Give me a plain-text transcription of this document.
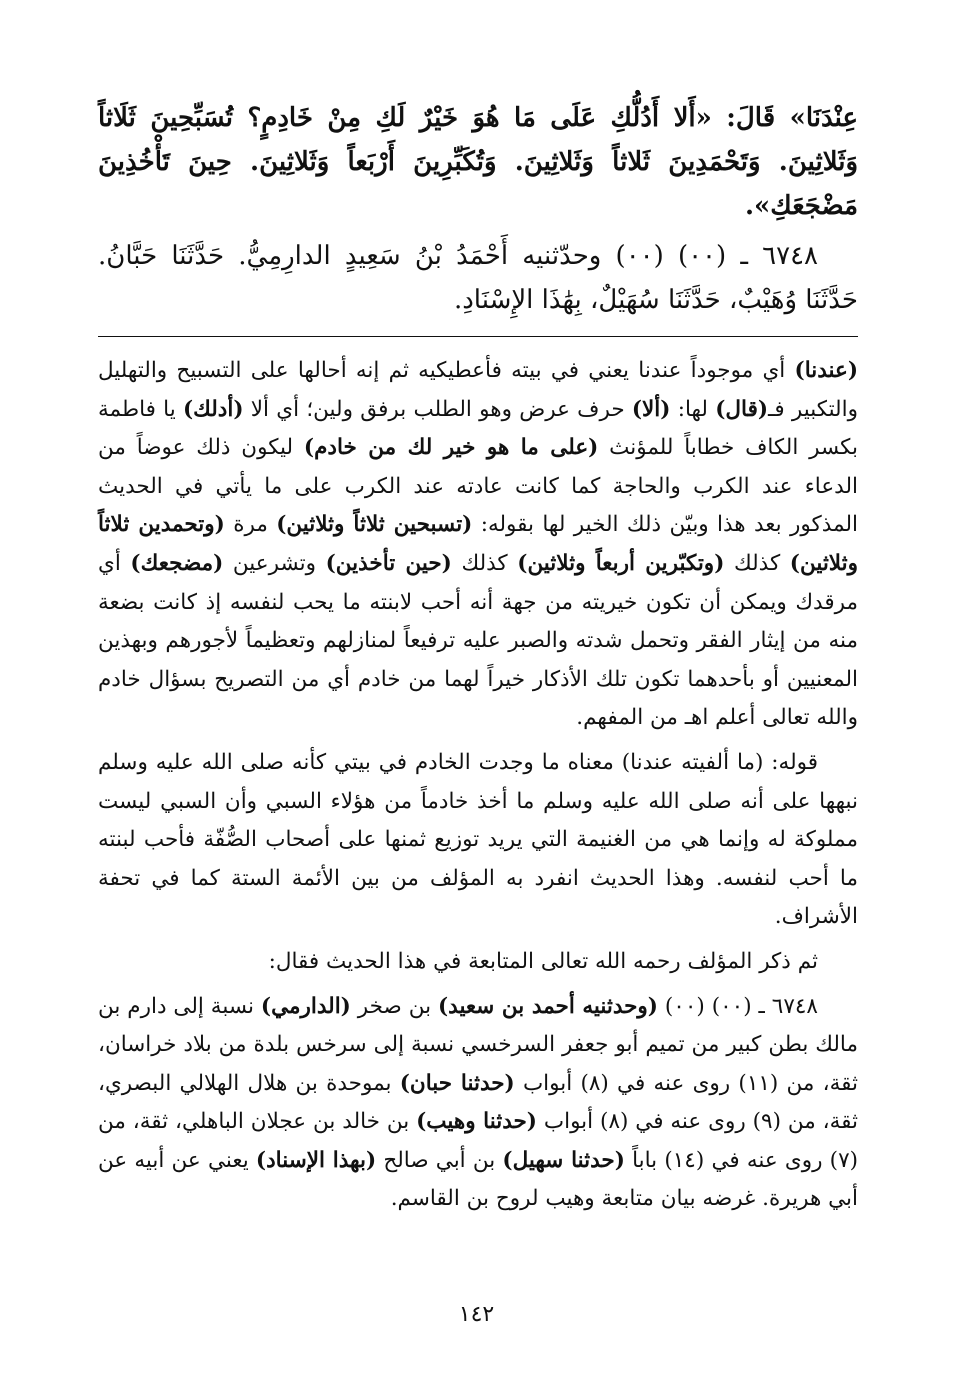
عِنْدَنَا» قَالَ: «أَلا أَدُلُّكِ عَلَى مَا هُوَ خَيْرٌ لَكِ مِنْ خَادِمٍ؟ تُسَبِّحِينَ ثَلَاثاً وَثَلاثِينَ. وَتَحْمَدِينَ ثَلاثاً وَثَلاثِينَ. وَتُكَبِّرِينَ أَرْبَعاً وَثَلاثِينَ. حِينَ تَأْخُذِينَ مَضْجَعَكِ».

٦٧٤٨ ـ (٠٠) (٠٠) وحدّثنيه أَحْمَدُ بْنُ سَعِيدٍ الدارِمِيُّ. حَدَّثَنَا حَبَّانُ. حَدَّثَنَا وُهَيْبٌ، حَدَّثَنَا سُهَيْلٌ، بِهَٰذَا الإِسْنَادِ.

(عندنا) أي موجوداً عندنا يعني في بيته فأعطيكيه ثم إنه أحالها على التسبيح والتهليل والتكبير فـ(قال) لها: (ألا) حرف عرض وهو الطلب برفق ولين؛ أي ألا (أدلك) يا فاطمة بكسر الكاف خطاباً للمؤنث (على ما هو خير لك من خادم) ليكون ذلك عوضاً من الدعاء عند الكرب والحاجة كما كانت عادته عند الكرب على ما يأتي في الحديث المذكور بعد هذا وبيّن ذلك الخير لها بقوله: (تسبحين ثلاثاً وثلاثين) مرة (وتحمدين ثلاثاً وثلاثين) كذلك (وتكبّرين أربعاً وثلاثين) كذلك (حين تأخذين) وتشرعين (مضجعك) أي مرقدك ويمكن أن تكون خيريته من جهة أنه أحب لابنته ما يحب لنفسه إذ كانت بضعة منه من إيثار الفقر وتحمل شدته والصبر عليه ترفيعاً لمنازلهم وتعظيماً لأجورهم وبهذين المعنيين أو بأحدهما تكون تلك الأذكار خيراً لهما من خادم أي من التصريح بسؤال خادم والله تعالى أعلم اهـ من المفهم.

قوله: (ما ألفيته عندنا) معناه ما وجدت الخادم في بيتي كأنه صلى الله عليه وسلم نبهها على أنه صلى الله عليه وسلم ما أخذ خادماً من هؤلاء السبي وأن السبي ليست مملوكة له وإنما هي من الغنيمة التي يريد توزيع ثمنها على أصحاب الصُّفّة فأحب لبنته ما أحب لنفسه. وهذا الحديث انفرد به المؤلف من بين الأئمة الستة كما في تحفة الأشراف.

ثم ذكر المؤلف رحمه الله تعالى المتابعة في هذا الحديث فقال:

٦٧٤٨ ـ (٠٠) (٠٠) (وحدثنيه أحمد بن سعيد) بن صخر (الدارمي) نسبة إلى دارم بن مالك بطن كبير من تميم أبو جعفر السرخسي نسبة إلى سرخس بلدة من بلاد خراسان، ثقة، من (١١) روى عنه في (٨) أبواب (حدثنا حبان) بموحدة بن هلال الهلالي البصري، ثقة، من (٩) روى عنه في (٨) أبواب (حدثنا وهيب) بن خالد بن عجلان الباهلي، ثقة، من (٧) روى عنه في (١٤) باباً (حدثنا سهيل) بن أبي صالح (بهذا الإسناد) يعني عن أبيه عن أبي هريرة. غرضه بيان متابعة وهيب لروح بن القاسم.

١٤٢
